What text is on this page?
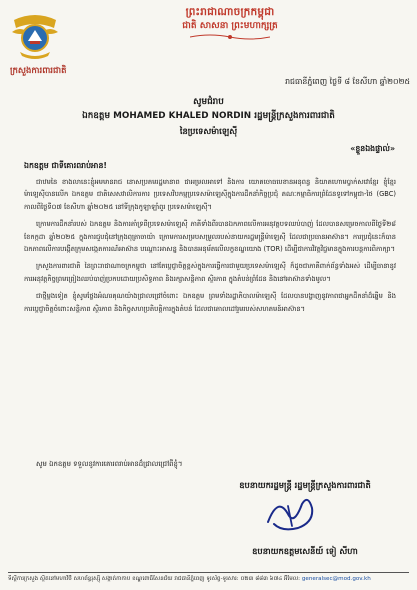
ព្រះរាជាណាចក្រកម្ពុជា
ជាតិ សាសនា ព្រះមហាក្សត្រ
ក្រសួងការពារជាតិ
រាជធានីភ្នំពេញ ថ្ងៃទី ៨ ខែសីហា ឆ្នាំ២០២៥
សូមជំរាប
ឯកឧត្តម MOHAMED KHALED NORDIN រដ្ឋមន្ត្រីក្រសួងការពារជាតិ
នៃប្រទេសម៉ាឡេស៊ី
«ខ្លួនឯងផ្ទាល់»
ឯកឧត្តម ជាទីគោរពរាប់អាន!

ជាឋមនៃ ខាងលានេះខ្ញុំអមមានរាជ នោសប្រគមរដ្ឋមានាព ជាអម្រលអាទៅ និងការ យោគចោធបេខានអនុពន្ធ និយាគហោមប្ចាក់សវោខ្មែរ ខ្ញុំខ្មែរម៉ាឡេស៊ីបានលើក ឯកឧត្តម ជាតិសេសវាលិការការ ប្រទេសវិបកម្មប្រទេសម៉ាឡេស៊ីក្នុងការដឹកនាំកិច្ចប្រជុំ គណៈកម្មាធិការព្រំដែនទូទៅកម្ពុជា-ថៃ (GBC) កាលពីថ្ងៃទី០៧ ខែសីហា ឆ្នាំ២០២៥ នៅទីក្រុងកូឡាឡាំពួរ ប្រទេសម៉ាឡេស៊ី។

ក្រោមការដឹកនាំរបស់ ឯកឧត្តម និងការគាំទ្រពីប្រទេសម៉ាឡេស៊ី ភាគីទាំងពីរបានឯកភាពលើការអនុវត្តបទឈប់បាញ់ ដែលបានសម្រេចកាលពីថ្ងៃទី២៨ ខែកក្កដា ឆ្នាំ២០២៥ ក្នុងការជួបជុំនៅក្រុងពុត្រាចាយ៉ា ក្រោមការសម្របសម្រួលរបស់នាយករដ្ឋមន្ត្រីម៉ាឡេស៊ី ដែលជាប្រធានអាស៊ាន។ ការប្រជុំនេះក៏បានឯកភាពលើការបង្កើតក្រុមសង្កេតការណ៍អាស៊ាន បណ្តោះអាសន្ន និងបានអនុម័តលើលក្ខខណ្ឌយោង (TOR) ដើម្បីជាការវិវត្តវិជ្ជមានក្នុងការបន្តការពិភាក្សា។

ក្រសួងការពារជាតិ នៃព្រះរាជាណាចក្រកម្ពុជា នៅតែប្តេជ្ញាចិត្តខ្ពស់ក្នុងការធ្វើការជាមួយប្រទេសម៉ាឡេស៊ី ក៏ដូចជាភាគីពាក់ព័ន្ធទាំងអស់ ដើម្បីធានានូវការអនុវត្តកិច្ចព្រមព្រៀងឈប់បាញ់ប្រកបដោយប្រសិទ្ធភាព និងរក្សាសន្តិភាព ស្ថិរភាព ក្នុងតំបន់ព្រំដែន និងនៅអាស៊ានទាំងមូល។

ជាថ្មីម្តងទៀត ខ្ញុំសូមថ្លែងអំណរគុណយ៉ាងជ្រាលជ្រៅចំពោះ ឯកឧត្តម ព្រមទាំងរដ្ឋាភិបាលម៉ាឡេស៊ី ដែលបានបង្ហាញនូវភាពជាអ្នកដឹកនាំដ៏ឆ្នើម និងការប្តេជ្ញាចិត្តចំពោះសន្តិភាព ស្ថិរភាព និងកិច្ចសហប្រតិបត្តិការក្នុងតំបន់ ដែលជាគោលដៅរួមរបស់សហគមន៍អាស៊ាន។

សូម ឯកឧត្តម ទទួលនូវការគោរពរាប់អានដ៏ជ្រាលជ្រៅពីខ្ញុំ។
ឧបនាយករដ្ឋមន្ត្រី រដ្ឋមន្ត្រីក្រសួងការពារជាតិ
ឧបនាយកឧត្តមសេនីយ៍ ទៀ សីហា
ទីស្តីការក្រសួង ស្ថិតនៅមហាវិថី សហព័ន្ធរុស្ស៊ី សង្កាត់កាកាប ខណ្ឌពោធិ៍សែនជ័យ រាជធានីភ្នំពេញ ទូរស័ព្ទ-ទូរសារ: ០២៣ ៨៨៣ ៦៧៤ អ៊ីមែល: generalsec@mod.gov.kh
